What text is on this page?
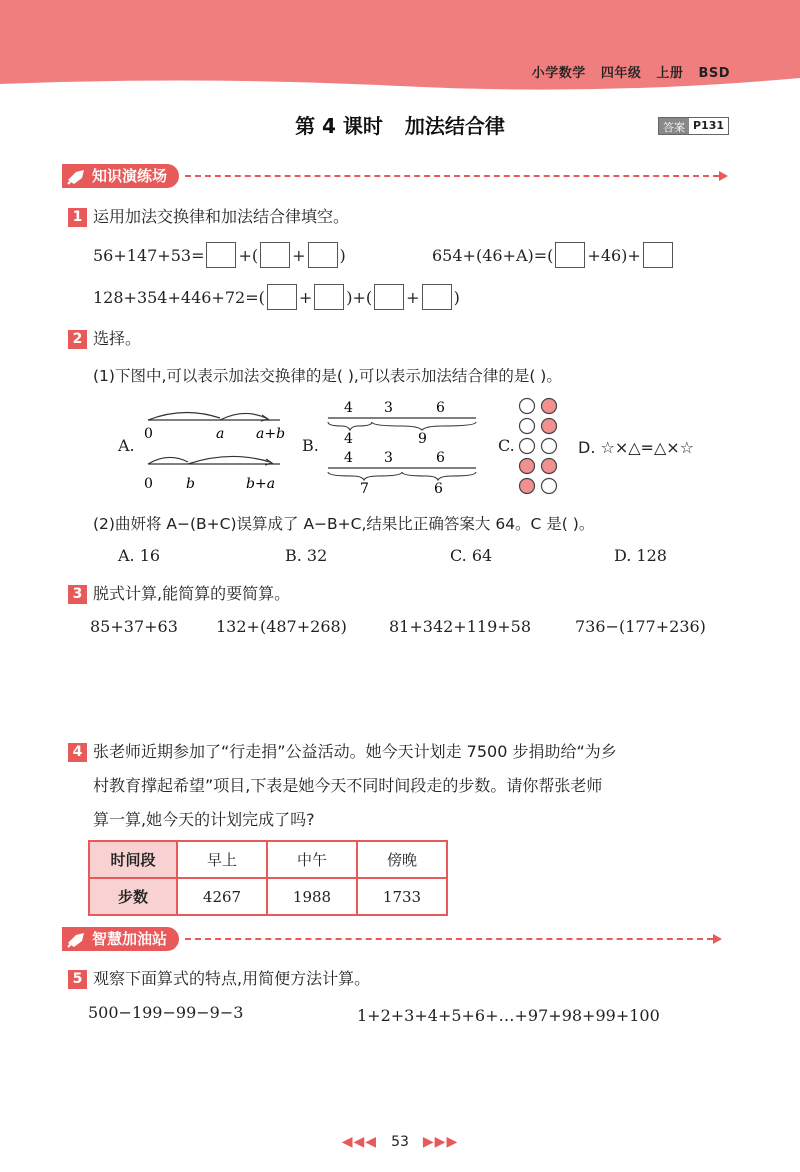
小学数学 四年级 上册 BSD
第 4 课时 加法结合律	答案 P131
知识演练场
1 运用加法交换律和加法结合律填空。
56+147+53= + ( + )	654+(46+A)=( +46)+
128+354+446+72=( + ) + ( + )
2 选择。
(1)下图中,可以表示加法交换律的是( ),可以表示加法结合律的是( )。
A.
0	a a+b
0 b	b+a
B.
4 3	6
4	9
4 3	6
7	6
C.	D. ☆×△=△×☆
(2)曲妍将 A−(B+C)误算成了 A−B+C,结果比正确答案大 64。C 是( )。
A. 16	B. 32	C. 64	D. 128
3 脱式计算,能简算的要简算。
85+37+63 132+(487+268)	81+342+119+58	736−(177+236)
4 张老师近期参加了“行走捐”公益活动。她今天计划走 7500 步捐助给“为乡
村教育撑起希望”项目,下表是她今天不同时间段走的步数。请你帮张老师
算一算,她今天的计划完成了吗?
时间段	早上	中午	傍晚
步数	4267	1988	1733
智慧加油站
5 观察下面算式的特点,用简便方法计算。
500−199−99−9−3	1+2+3+4+5+6+…+97+98+99+100
◀◀◀ 53 ▶▶▶
